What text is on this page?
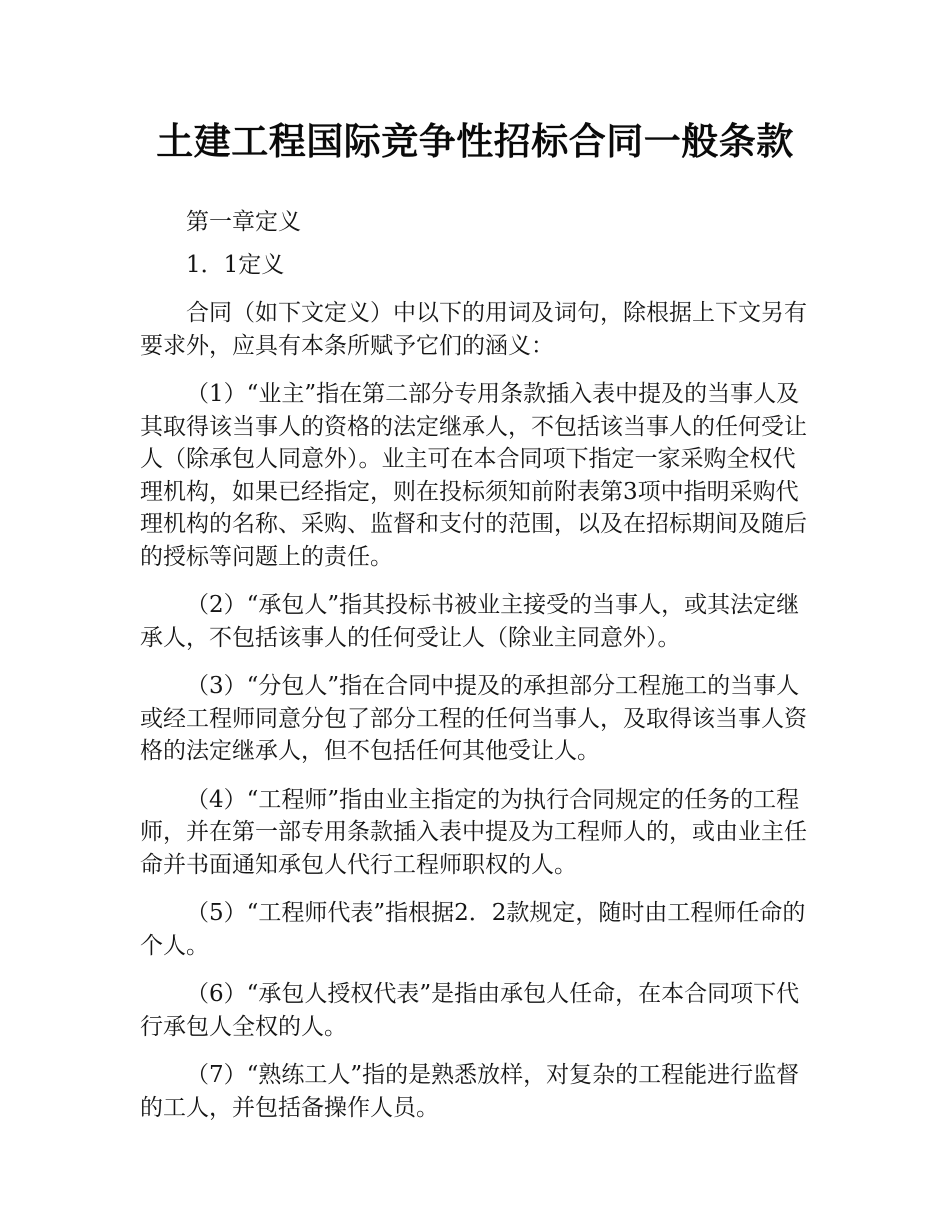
土建工程国际竞争性招标合同一般条款

第一章定义

1．1定义

合同（如下文定义）中以下的用词及词句，除根据上下文另有要求外，应具有本条所赋予它们的涵义：

（1）“业主”指在第二部分专用条款插入表中提及的当事人及其取得该当事人的资格的法定继承人，不包括该当事人的任何受让人（除承包人同意外）。业主可在本合同项下指定一家采购全权代理机构，如果已经指定，则在投标须知前附表第3项中指明采购代理机构的名称、采购、监督和支付的范围，以及在招标期间及随后的授标等问题上的责任。

（2）“承包人”指其投标书被业主接受的当事人，或其法定继承人，不包括该事人的任何受让人（除业主同意外）。

（3）“分包人”指在合同中提及的承担部分工程施工的当事人或经工程师同意分包了部分工程的任何当事人，及取得该当事人资格的法定继承人，但不包括任何其他受让人。

（4）“工程师”指由业主指定的为执行合同规定的任务的工程师，并在第一部专用条款插入表中提及为工程师人的，或由业主任命并书面通知承包人代行工程师职权的人。

（5）“工程师代表”指根据2．2款规定，随时由工程师任命的个人。

（6）“承包人授权代表”是指由承包人任命，在本合同项下代行承包人全权的人。

（7）“熟练工人”指的是熟悉放样，对复杂的工程能进行监督的工人，并包括备操作人员。
